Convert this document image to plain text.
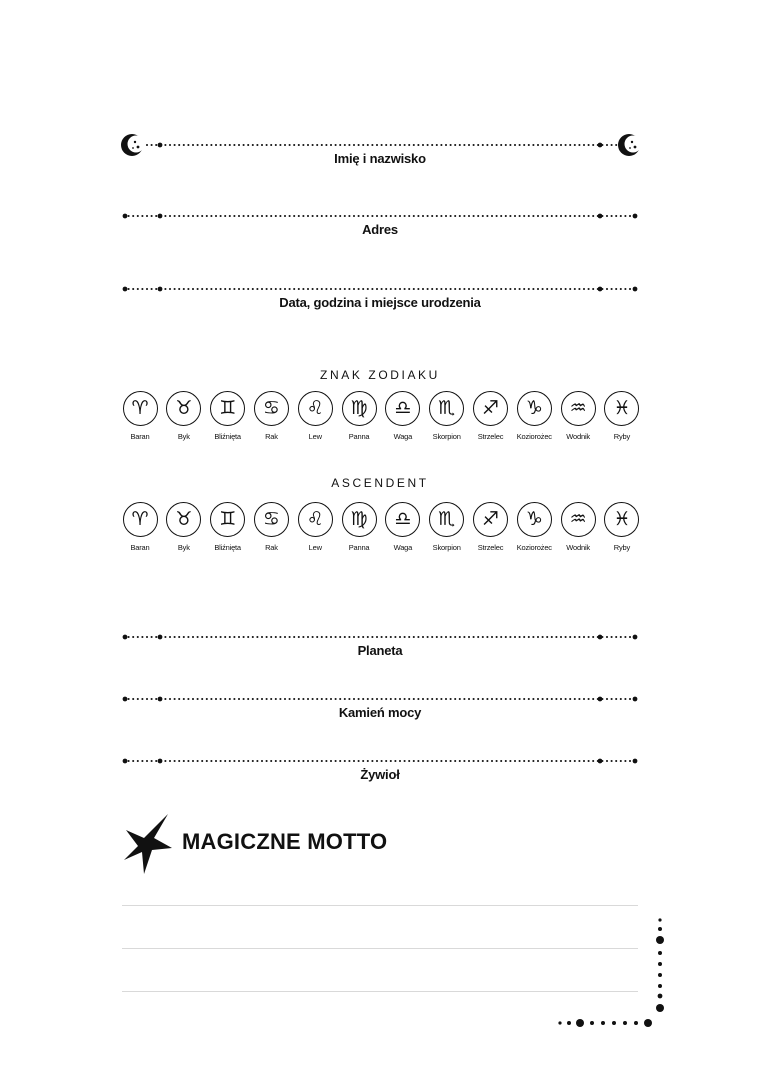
Imię i nazwisko
Adres
Data, godzina i miejsce urodzenia
ZNAK ZODIAKU
♈
Baran
♉
Byk
♊
Bliźnięta
♋
Rak
♌
Lew
♍
Panna
♎
Waga
♏
Skorpion
♐
Strzelec
♑
Koziorożec
♒
Wodnik
♓
Ryby
ASCENDENT
♈
Baran
♉
Byk
♊
Bliźnięta
♋
Rak
♌
Lew
♍
Panna
♎
Waga
♏
Skorpion
♐
Strzelec
♑
Koziorożec
♒
Wodnik
♓
Ryby
Planeta
Kamień mocy
Żywioł
MAGICZNE MOTTO
